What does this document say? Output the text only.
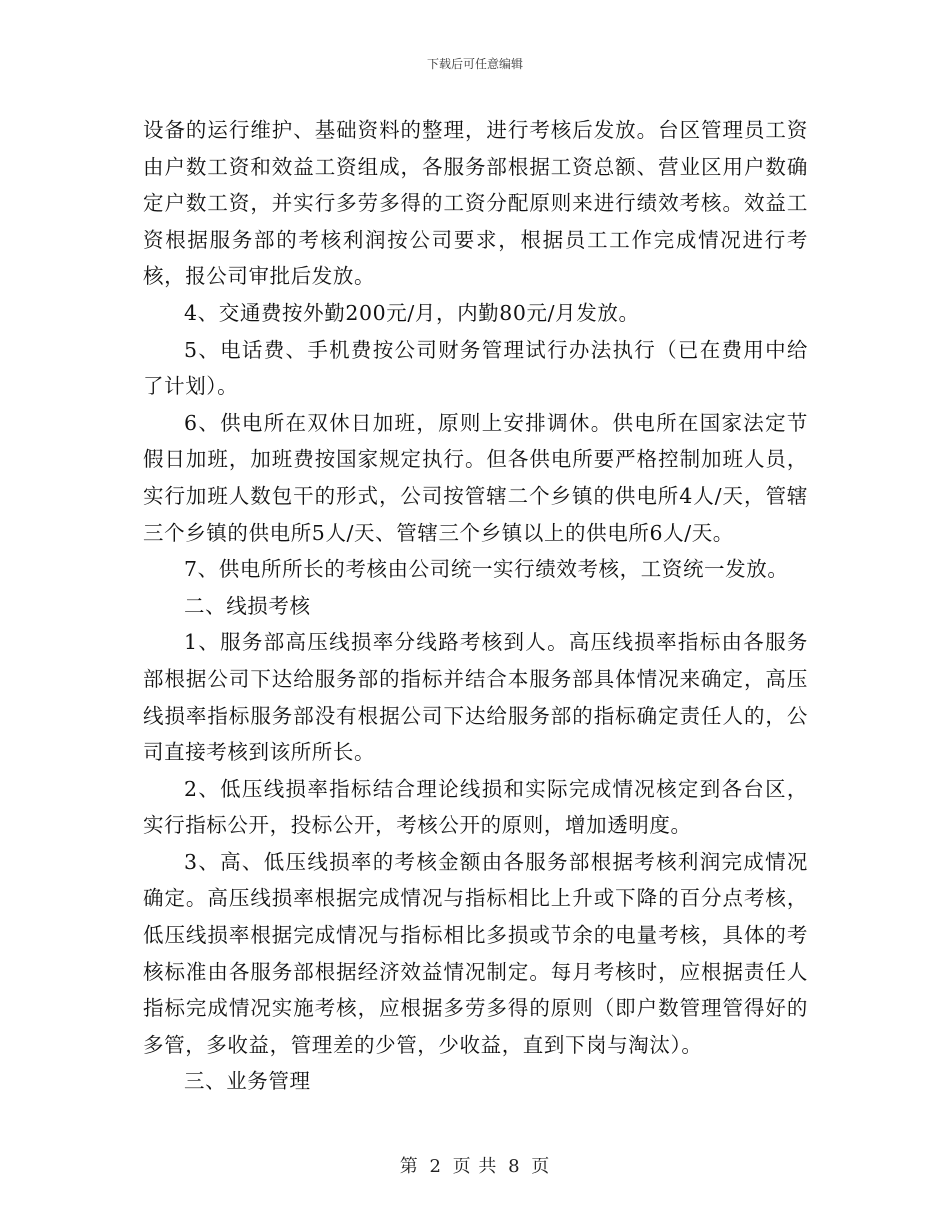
下载后可任意编辑

设备的运行维护、基础资料的整理，进行考核后发放。台区管理员工资由户数工资和效益工资组成，各服务部根据工资总额、营业区用户数确定户数工资，并实行多劳多得的工资分配原则来进行绩效考核。效益工资根据服务部的考核利润按公司要求，根据员工工作完成情况进行考核，报公司审批后发放。

4、交通费按外勤200元/月，内勤80元/月发放。

5、电话费、手机费按公司财务管理试行办法执行（已在费用中给了计划）。

6、供电所在双休日加班，原则上安排调休。供电所在国家法定节假日加班，加班费按国家规定执行。但各供电所要严格控制加班人员，实行加班人数包干的形式，公司按管辖二个乡镇的供电所4人/天，管辖三个乡镇的供电所5人/天、管辖三个乡镇以上的供电所6人/天。

7、供电所所长的考核由公司统一实行绩效考核，工资统一发放。

二、线损考核

1、服务部高压线损率分线路考核到人。高压线损率指标由各服务部根据公司下达给服务部的指标并结合本服务部具体情况来确定，高压线损率指标服务部没有根据公司下达给服务部的指标确定责任人的，公司直接考核到该所所长。

2、低压线损率指标结合理论线损和实际完成情况核定到各台区，实行指标公开，投标公开，考核公开的原则，增加透明度。

3、高、低压线损率的考核金额由各服务部根据考核利润完成情况确定。高压线损率根据完成情况与指标相比上升或下降的百分点考核，低压线损率根据完成情况与指标相比多损或节余的电量考核，具体的考核标准由各服务部根据经济效益情况制定。每月考核时，应根据责任人指标完成情况实施考核，应根据多劳多得的原则（即户数管理管得好的多管，多收益，管理差的少管，少收益，直到下岗与淘汰）。

三、业务管理

第 2 页 共 8 页
